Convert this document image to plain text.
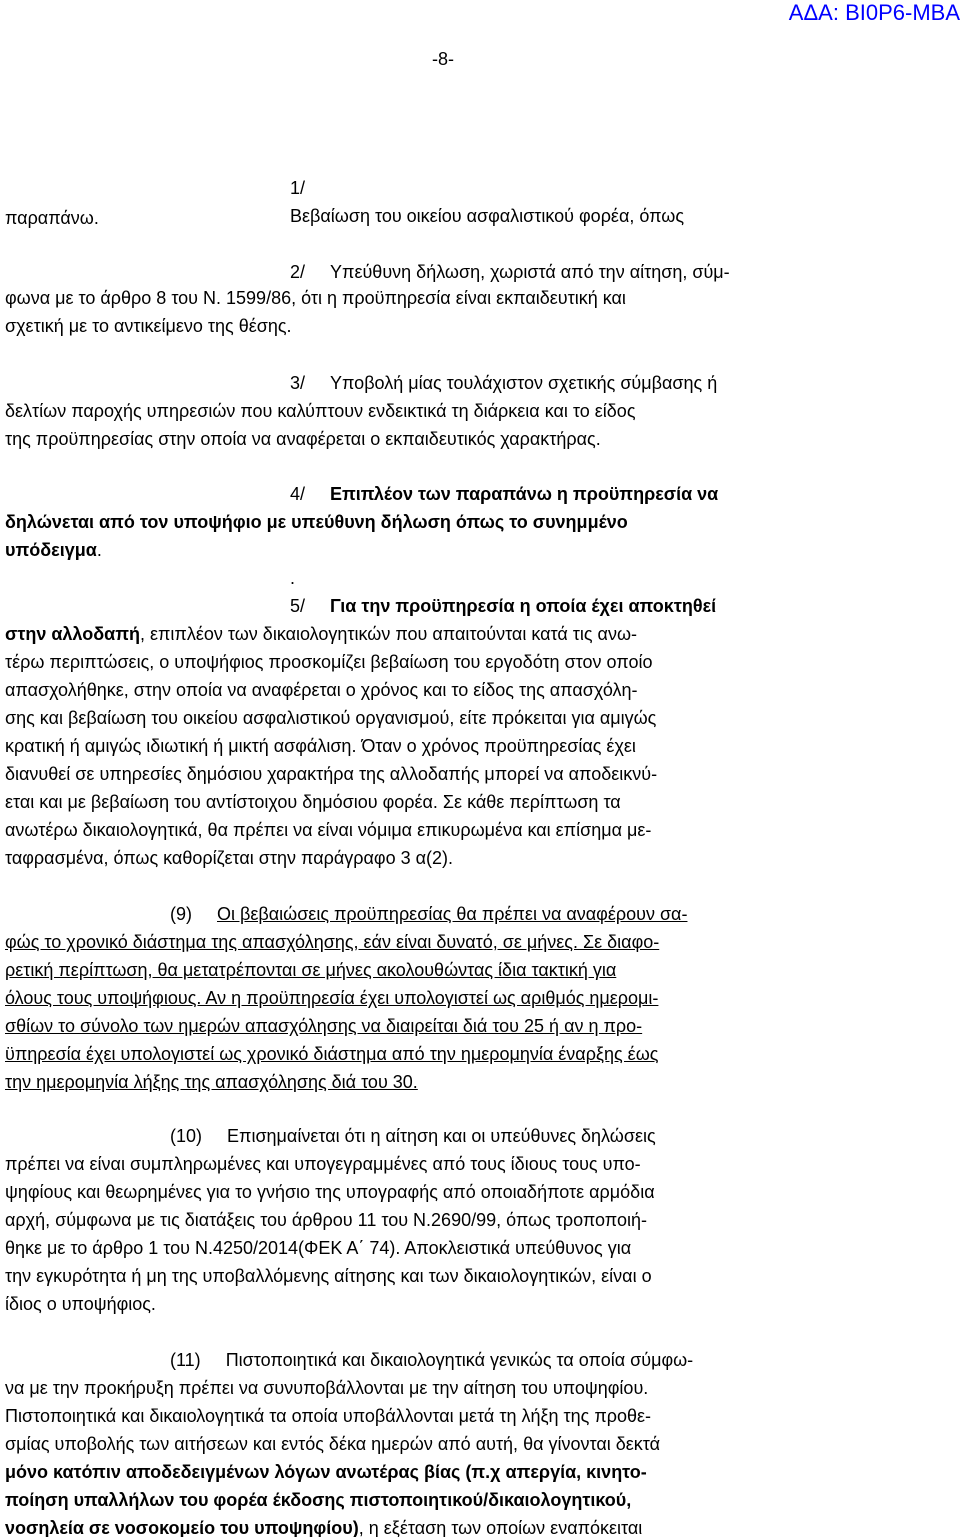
ΑΔΑ: ΒΙ0Ρ6-ΜΒΑ
-8-
1/
Βεβαίωση του οικείου ασφαλιστικού φορέα, όπως
παραπάνω.
2/ Υπεύθυνη δήλωση, χωριστά από την αίτηση, σύμ-
φωνα με το άρθρο 8 του Ν. 1599/86, ότι η προϋπηρεσία είναι εκπαιδευτική και
σχετική με το αντικείμενο της θέσης.
3/ Υποβολή μίας τουλάχιστον σχετικής σύμβασης ή
δελτίων παροχής υπηρεσιών που καλύπτουν ενδεικτικά τη διάρκεια και το είδος
της προϋπηρεσίας στην οποία να αναφέρεται ο εκπαιδευτικός χαρακτήρας.
4/ Επιπλέον των παραπάνω η προϋπηρεσία να
δηλώνεται από τον υποψήφιο με υπεύθυνη δήλωση όπως το συνημμένο
υπόδειγμα.
.
5/ Για την προϋπηρεσία η οποία έχει αποκτηθεί
στην αλλοδαπή, επιπλέον των δικαιολογητικών που απαιτούνται κατά τις ανω-
τέρω περιπτώσεις, ο υποψήφιος προσκομίζει βεβαίωση του εργοδότη στον οποίο
απασχολήθηκε, στην οποία να αναφέρεται ο χρόνος και το είδος της απασχόλη-
σης και βεβαίωση του οικείου ασφαλιστικού οργανισμού, είτε πρόκειται για αμιγώς
κρατική ή αμιγώς ιδιωτική ή μικτή ασφάλιση. Όταν ο χρόνος προϋπηρεσίας έχει
διανυθεί σε υπηρεσίες δημόσιου χαρακτήρα της αλλοδαπής μπορεί να αποδεικνύ-
εται και με βεβαίωση του αντίστοιχου δημόσιου φορέα. Σε κάθε περίπτωση τα
ανωτέρω δικαιολογητικά, θα πρέπει να είναι νόμιμα επικυρωμένα και επίσημα με-
ταφρασμένα, όπως καθορίζεται στην παράγραφο 3 α(2).
(9) Οι βεβαιώσεις προϋπηρεσίας θα πρέπει να αναφέρουν σα-
φώς το χρονικό διάστημα της απασχόλησης, εάν είναι δυνατό, σε μήνες. Σε διαφο-
ρετική περίπτωση, θα μετατρέπονται σε μήνες ακολουθώντας ίδια τακτική για
όλους τους υποψήφιους. Αν η προϋπηρεσία έχει υπολογιστεί ως αριθμός ημερομι-
σθίων το σύνολο των ημερών απασχόλησης να διαιρείται διά του 25 ή αν η προ-
ϋπηρεσία έχει υπολογιστεί ως χρονικό διάστημα από την ημερομηνία έναρξης έως
την ημερομηνία λήξης της απασχόλησης διά του 30.
(10) Επισημαίνεται ότι η αίτηση και οι υπεύθυνες δηλώσεις
πρέπει να είναι συμπληρωμένες και υπογεγραμμένες από τους ίδιους τους υπο-
ψηφίους και θεωρημένες για το γνήσιο της υπογραφής από οποιαδήποτε αρμόδια
αρχή, σύμφωνα με τις διατάξεις του άρθρου 11 του Ν.2690/99, όπως τροποποιή-
θηκε με το άρθρο 1 του Ν.4250/2014(ΦΕΚ Α΄ 74). Αποκλειστικά υπεύθυνος για
την εγκυρότητα ή μη της υποβαλλόμενης αίτησης και των δικαιολογητικών, είναι ο
ίδιος ο υποψήφιος.
(11) Πιστοποιητικά και δικαιολογητικά γενικώς τα οποία σύμφω-
να με την προκήρυξη πρέπει να συνυποβάλλονται με την αίτηση του υποψηφίου.
Πιστοποιητικά και δικαιολογητικά τα οποία υποβάλλονται μετά τη λήξη της προθε-
σμίας υποβολής των αιτήσεων και εντός δέκα ημερών από αυτή, θα γίνονται δεκτά
μόνο κατόπιν αποδεδειγμένων λόγων ανωτέρας βίας (π.χ απεργία, κινητο-
ποίηση υπαλλήλων του φορέα έκδοσης πιστοποιητικού/δικαιολογητικού,
νοσηλεία σε νοσοκομείο του υποψηφίου), η εξέταση των οποίων εναπόκειται
